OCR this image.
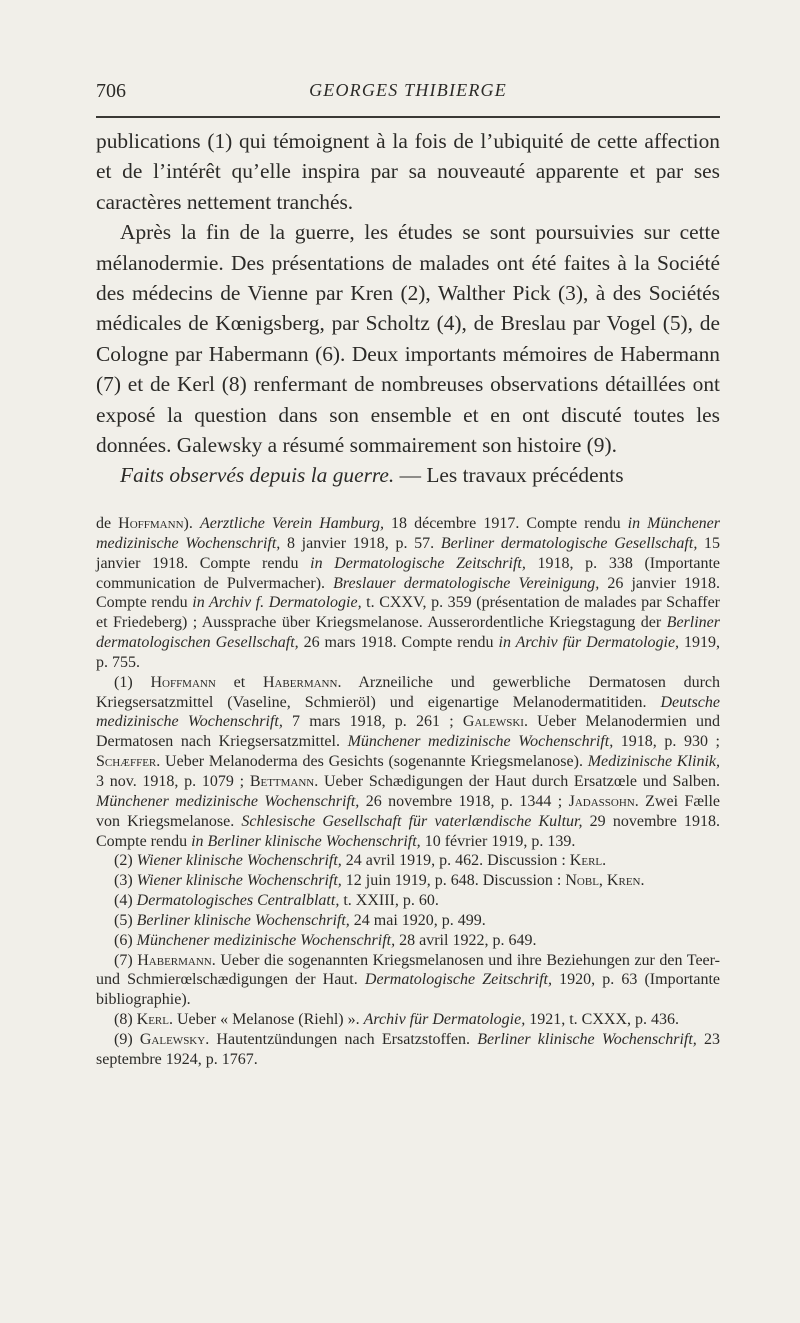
706	GEORGES THIBIERGE

publications (1) qui témoignent à la fois de l’ubiquité de cette affection et de l’intérêt qu’elle inspira par sa nouveauté apparente et par ses caractères nettement tranchés.

Après la fin de la guerre, les études se sont poursuivies sur cette mélanodermie. Des présentations de malades ont été faites à la Société des médecins de Vienne par Kren (2), Walther Pick (3), à des Sociétés médicales de Kœnigsberg, par Scholtz (4), de Breslau par Vogel (5), de Cologne par Habermann (6). Deux importants mémoires de Habermann (7) et de Kerl (8) renfermant de nombreuses observations détaillées ont exposé la question dans son ensemble et en ont discuté toutes les données. Galewsky a résumé sommairement son histoire (9).

Faits observés depuis la guerre. — Les travaux précédents

de Hoffmann). Aerztliche Verein Hamburg, 18 décembre 1917. Compte rendu in Münchener medizinische Wochenschrift, 8 janvier 1918, p. 57. Berliner dermatologische Gesellschaft, 15 janvier 1918. Compte rendu in Dermatologische Zeitschrift, 1918, p. 338 (Importante communication de Pulvermacher). Breslauer dermatologische Vereinigung, 26 janvier 1918. Compte rendu in Archiv f. Dermatologie, t. CXXV, p. 359 (présentation de malades par Schaffer et Friedeberg) ; Aussprache über Kriegsmelanose. Ausserordentliche Kriegstagung der Berliner dermatologischen Gesellschaft, 26 mars 1918. Compte rendu in Archiv für Dermatologie, 1919, p. 755.

(1) Hoffmann et Habermann. Arzneiliche und gewerbliche Dermatosen durch Kriegsersatzmittel (Vaseline, Schmieröl) und eigenartige Melanodermatitiden. Deutsche medizinische Wochenschrift, 7 mars 1918, p. 261 ; Galewski. Ueber Melanodermien und Dermatosen nach Kriegsersatzmittel. Münchener medizinische Wochenschrift, 1918, p. 930 ; Schæffer. Ueber Melanoderma des Gesichts (sogenannte Kriegsmelanose). Medizinische Klinik, 3 nov. 1918, p. 1079 ; Bettmann. Ueber Schædigungen der Haut durch Ersatzœle und Salben. Münchener medizinische Wochenschrift, 26 novembre 1918, p. 1344 ; Jadassohn. Zwei Fælle von Kriegsmelanose. Schlesische Gesellschaft für vaterlændische Kultur, 29 novembre 1918. Compte rendu in Berliner klinische Wochenschrift, 10 février 1919, p. 139.

(2) Wiener klinische Wochenschrift, 24 avril 1919, p. 462. Discussion : Kerl.

(3) Wiener klinische Wochenschrift, 12 juin 1919, p. 648. Discussion : Nobl, Kren.

(4) Dermatologisches Centralblatt, t. XXIII, p. 60.

(5) Berliner klinische Wochenschrift, 24 mai 1920, p. 499.

(6) Münchener medizinische Wochenschrift, 28 avril 1922, p. 649.

(7) Habermann. Ueber die sogenannten Kriegsmelanosen und ihre Beziehungen zur den Teer-und Schmierœlschædigungen der Haut. Dermatologische Zeitschrift, 1920, p. 63 (Importante bibliographie).

(8) Kerl. Ueber « Melanose (Riehl) ». Archiv für Dermatologie, 1921, t. CXXX, p. 436.

(9) Galewsky. Hautentzündungen nach Ersatzstoffen. Berliner klinische Wochenschrift, 23 septembre 1924, p. 1767.
